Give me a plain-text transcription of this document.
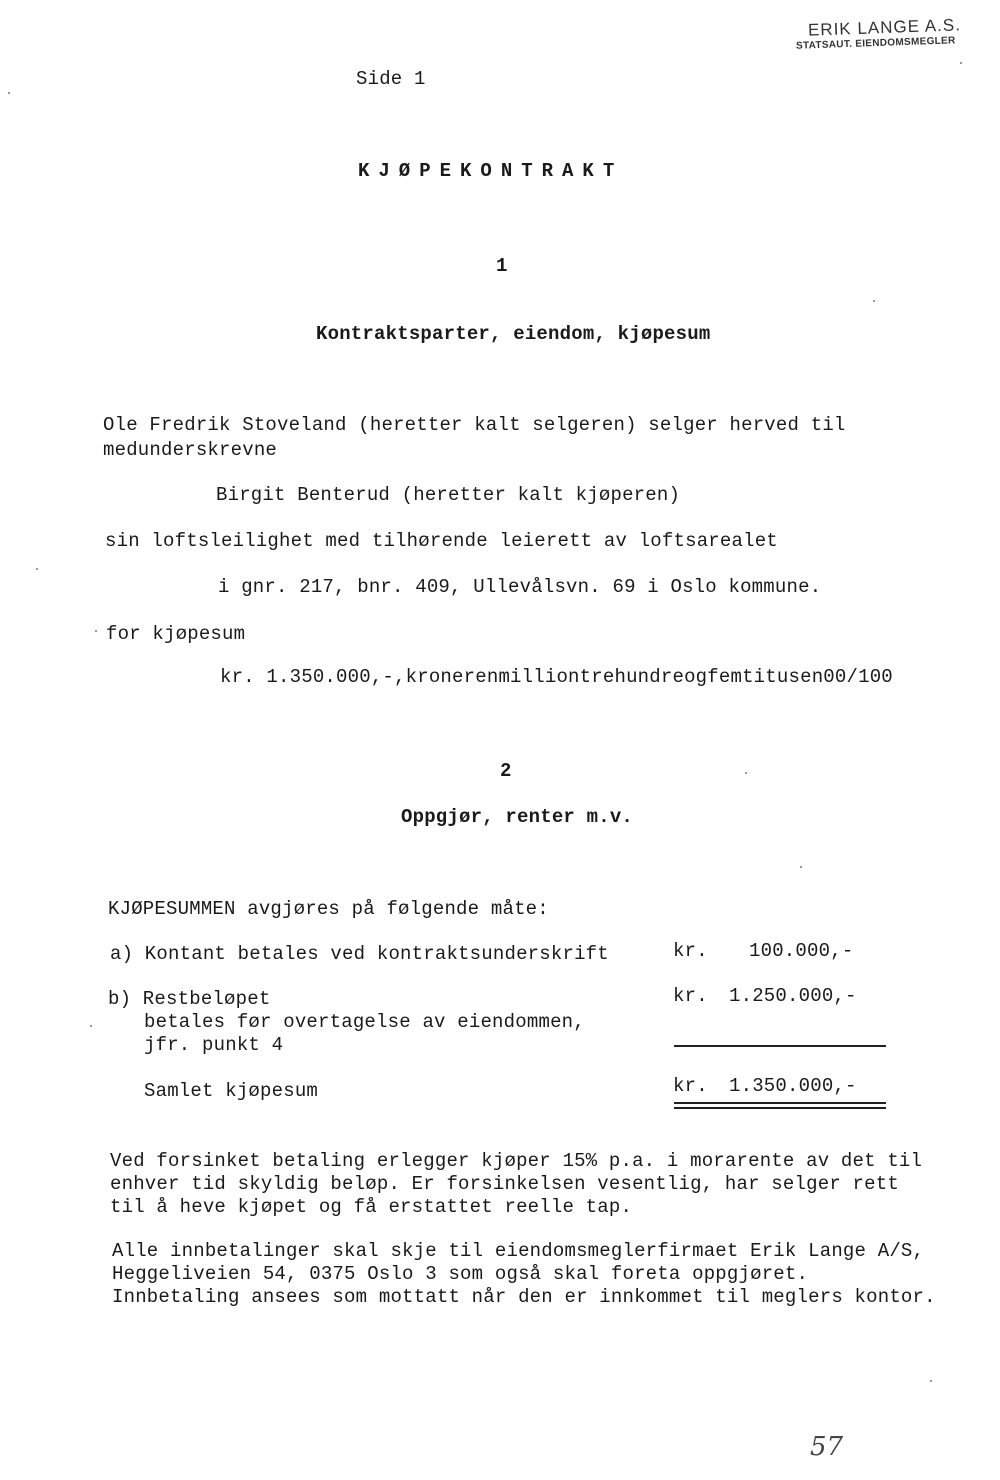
ERIK LANGE A.S.
STATSAUT. EIENDOMSMEGLER
Side 1
KJØPEKONTRAKT
1
Kontraktsparter, eiendom, kjøpesum
Ole Fredrik Stoveland (heretter kalt selgeren) selger herved til
medunderskrevne
Birgit Benterud (heretter kalt kjøperen)
sin loftsleilighet med tilhørende leierett av loftsarealet
i gnr. 217, bnr. 409, Ullevålsvn. 69 i Oslo kommune.
for kjøpesum
kr. 1.350.000,-,kronerenmilliontrehundreogfemtitusen00/100
2
Oppgjør, renter m.v.
KJØPESUMMEN avgjøres på følgende måte:
a) Kontant betales ved kontraktsunderskrift	kr. 100.000,-
b) Restbeløpet
betales før overtagelse av eiendommen,
jfr. punkt 4
kr. 1.250.000,-
Samlet kjøpesum	kr. 1.350.000,-
Ved forsinket betaling erlegger kjøper 15% p.a. i morarente av det til
enhver tid skyldig beløp. Er forsinkelsen vesentlig, har selger rett
til å heve kjøpet og få erstattet reelle tap.
Alle innbetalinger skal skje til eiendomsmeglerfirmaet Erik Lange A/S,
Heggeliveien 54, 0375 Oslo 3 som også skal foreta oppgjøret.
Innbetaling ansees som mottatt når den er innkommet til meglers kontor.
57
